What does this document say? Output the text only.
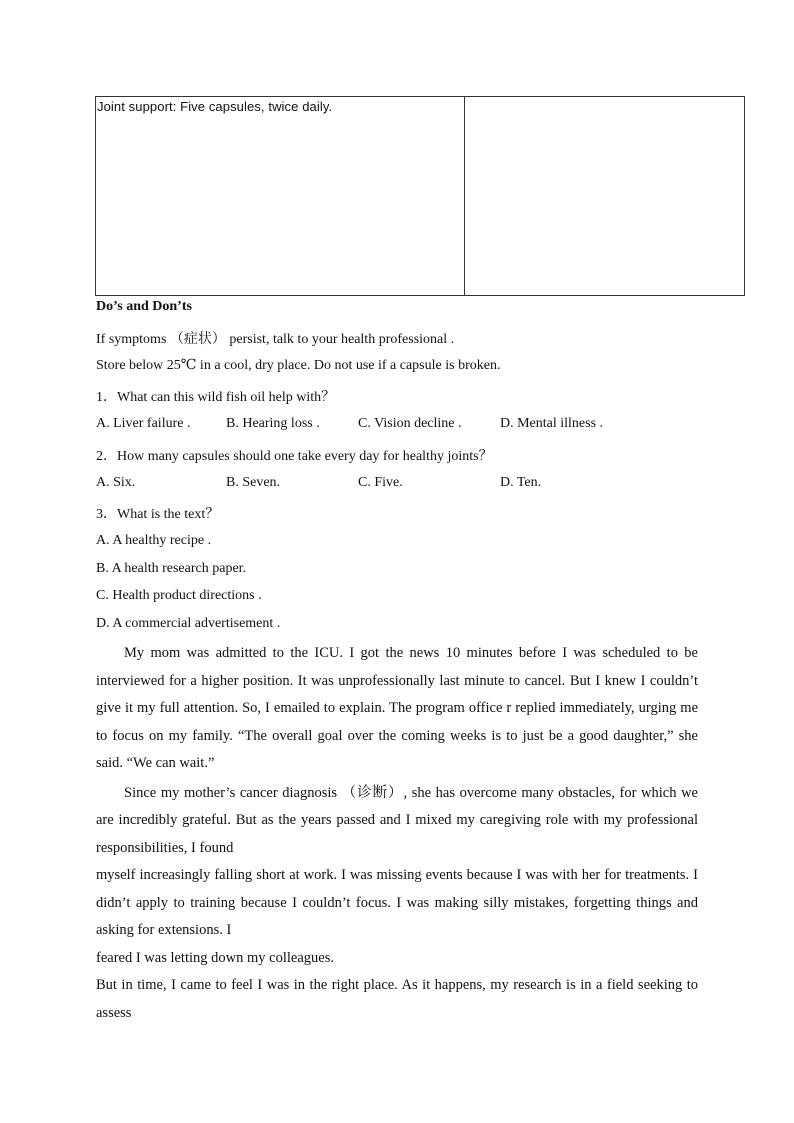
Joint support: Five capsules, twice daily.
Do’s and Don’ts
If symptoms （症状） persist, talk to your health professional .
Store below 25℃ in a cool, dry place. Do not use if a capsule is broken.
1．What can this wild fish oil help with？
A. Liver failure .	B. Hearing loss .	C. Vision decline .	D. Mental illness .
2．How many capsules should one take every day for healthy joints？
A. Six.	B. Seven.	C. Five.	D. Ten.
3．What is the text？
A. A healthy recipe .
B. A health research paper.
C. Health product directions .
D. A commercial advertisement .

My mom was admitted to the ICU. I got the news 10 minutes before I was scheduled to be interviewed for a higher position. It was unprofessionally last minute to cancel. But I knew I couldn’t give it my full attention. So, I emailed to explain. The program office r replied immediately, urging me to focus on my family. “The overall goal over the coming weeks is to just be a good daughter,” she said. “We can wait.”

Since my mother’s cancer diagnosis （诊断）, she has overcome many obstacles, for which we are incredibly grateful. But as the years passed and I mixed my caregiving role with my professional responsibilities, I found

myself increasingly falling short at work. I was missing events because I was with her for treatments. I didn’t apply to training because I couldn’t focus. I was making silly mistakes, forgetting things and asking for extensions. I

feared I was letting down my colleagues.

But in time, I came to feel I was in the right place. As it happens, my research is in a field seeking to assess
